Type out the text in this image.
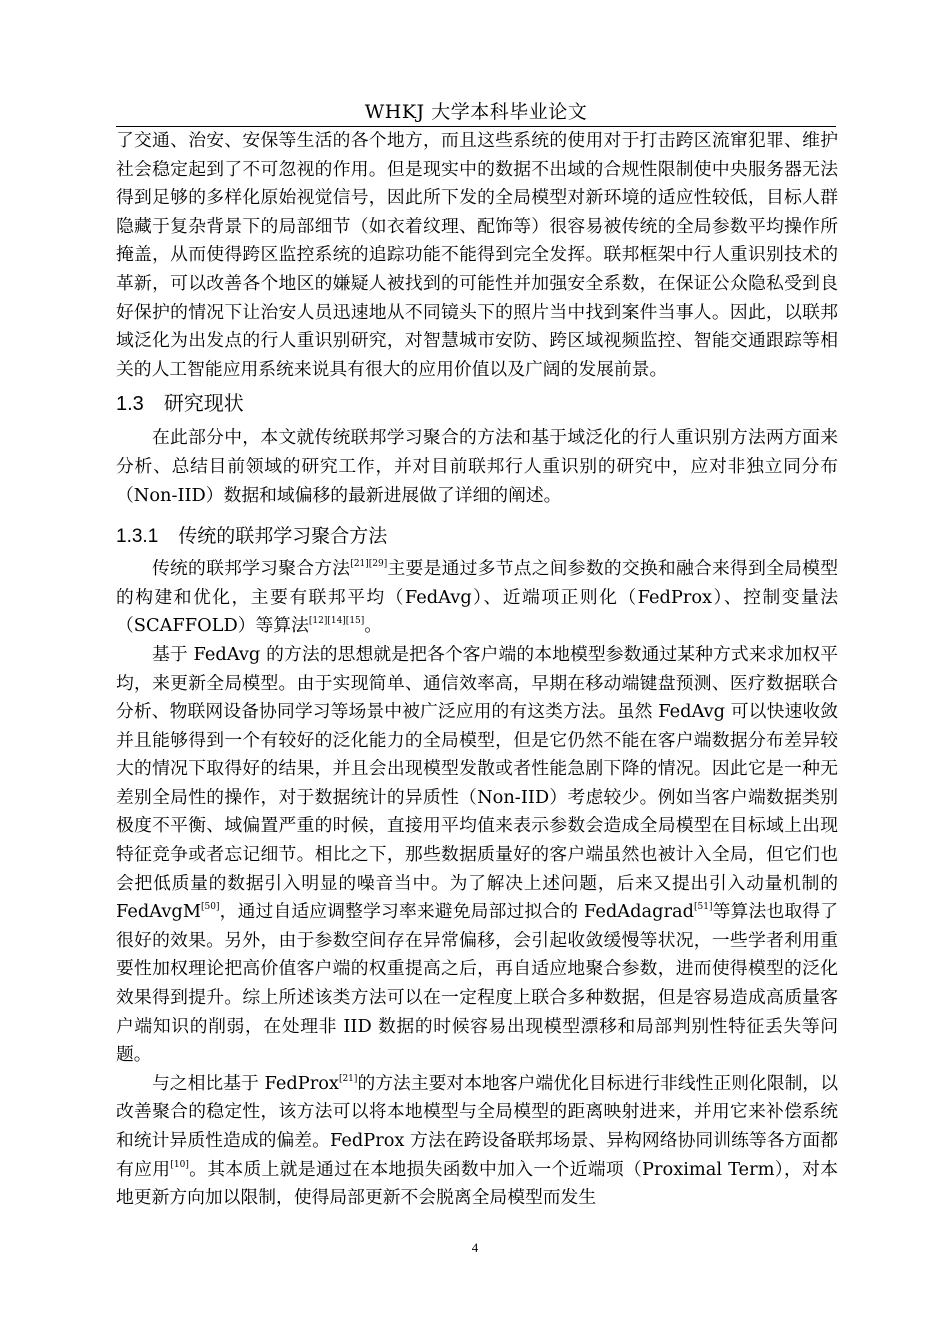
WHKJ 大学本科毕业论文

了交通、治安、安保等生活的各个地方，而且这些系统的使用对于打击跨区流窜犯罪、维护社会稳定起到了不可忽视的作用。但是现实中的数据不出域的合规性限制使中央服务器无法得到足够的多样化原始视觉信号，因此所下发的全局模型对新环境的适应性较低，目标人群隐藏于复杂背景下的局部细节（如衣着纹理、配饰等）很容易被传统的全局参数平均操作所掩盖，从而使得跨区监控系统的追踪功能不能得到完全发挥。联邦框架中行人重识别技术的革新，可以改善各个地区的嫌疑人被找到的可能性并加强安全系数，在保证公众隐私受到良好保护的情况下让治安人员迅速地从不同镜头下的照片当中找到案件当事人。因此，以联邦域泛化为出发点的行人重识别研究，对智慧城市安防、跨区域视频监控、智能交通跟踪等相关的人工智能应用系统来说具有很大的应用价值以及广阔的发展前景。

1.3 研究现状

在此部分中，本文就传统联邦学习聚合的方法和基于域泛化的行人重识别方法两方面来分析、总结目前领域的研究工作，并对目前联邦行人重识别的研究中，应对非独立同分布（Non-IID）数据和域偏移的最新进展做了详细的阐述。

1.3.1 传统的联邦学习聚合方法

传统的联邦学习聚合方法[21][29]主要是通过多节点之间参数的交换和融合来得到全局模型的构建和优化，主要有联邦平均（FedAvg）、近端项正则化（FedProx）、控制变量法（SCAFFOLD）等算法[12][14][15]。

基于 FedAvg 的方法的思想就是把各个客户端的本地模型参数通过某种方式来求加权平均，来更新全局模型。由于实现简单、通信效率高，早期在移动端键盘预测、医疗数据联合分析、物联网设备协同学习等场景中被广泛应用的有这类方法。虽然 FedAvg 可以快速收敛并且能够得到一个有较好的泛化能力的全局模型，但是它仍然不能在客户端数据分布差异较大的情况下取得好的结果，并且会出现模型发散或者性能急剧下降的情况。因此它是一种无差别全局性的操作，对于数据统计的异质性（Non-IID）考虑较少。例如当客户端数据类别极度不平衡、域偏置严重的时候，直接用平均值来表示参数会造成全局模型在目标域上出现特征竞争或者忘记细节。相比之下，那些数据质量好的客户端虽然也被计入全局，但它们也会把低质量的数据引入明显的噪音当中。为了解决上述问题，后来又提出引入动量机制的 FedAvgM[50]，通过自适应调整学习率来避免局部过拟合的 FedAdagrad[51]等算法也取得了很好的效果。另外，由于参数空间存在异常偏移，会引起收敛缓慢等状况，一些学者利用重要性加权理论把高价值客户端的权重提高之后，再自适应地聚合参数，进而使得模型的泛化效果得到提升。综上所述该类方法可以在一定程度上联合多种数据，但是容易造成高质量客户端知识的削弱，在处理非 IID 数据的时候容易出现模型漂移和局部判别性特征丢失等问题。

与之相比基于 FedProx[21]的方法主要对本地客户端优化目标进行非线性正则化限制，以改善聚合的稳定性，该方法可以将本地模型与全局模型的距离映射进来，并用它来补偿系统和统计异质性造成的偏差。FedProx 方法在跨设备联邦场景、异构网络协同训练等各方面都有应用[10]。其本质上就是通过在本地损失函数中加入一个近端项（Proximal Term），对本地更新方向加以限制，使得局部更新不会脱离全局模型而发生

4
